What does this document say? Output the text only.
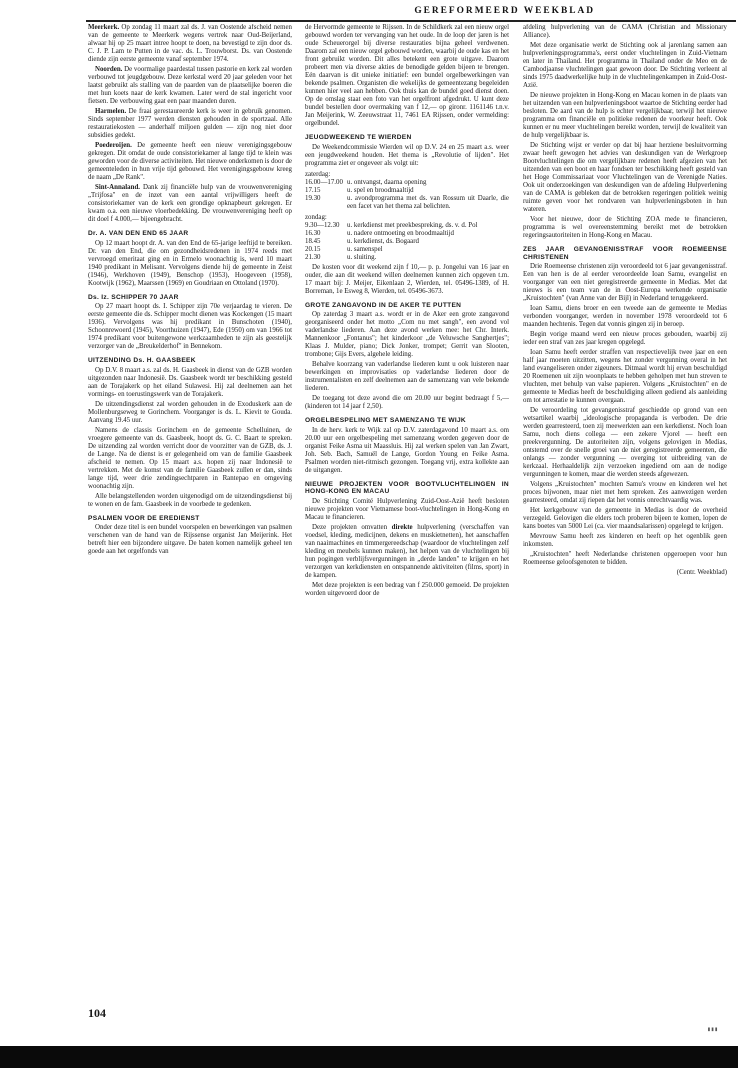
GEREFORMEERD WEEKBLAD

Meerkerk. Op zondag 11 maart zal ds. J. van Oostende afscheid nemen van de gemeente te Meerkerk wegens vertrek naar Oud-Beijerland, alwaar hij op 25 maart intree hoopt te doen, na bevestigd te zijn door ds. C. J. P. Lam te Putten in de vac. ds. L. Trouwborst. Ds. van Oostende diende zijn eerste gemeente vanaf september 1974.

Noorden. De voormalige paardestal tussen pastorie en kerk zal worden verbouwd tot jeugdgebouw. Deze kerkstal werd 20 jaar geleden voor het laatst gebruikt als stalling van de paarden van de plaatselijke boeren die met hun koets naar de kerk kwamen. Later werd de stal ingericht voor fietsen. De verbouwing gaat een paar maanden duren.

Harmelen. De fraai gerestaureerde kerk is weer in gebruik genomen. Sinds september 1977 werden diensten gehouden in de sportzaal. Alle restauratiekosten — anderhalf miljoen gulden — zijn nog niet door subsidies gedekt.

Poederoijen. De gemeente heeft een nieuw verenigingsgebouw gekregen. Dit omdat de oude consistoriekamer al lange tijd te klein was geworden voor de diverse activiteiten. Het nieuwe onderkomen is door de gemeenteleden in hun vrije tijd gebouwd. Het verenigingsgebouw kreeg de naam „De Rank".

Sint-Annaland. Dank zij financiële hulp van de vrouwenvereniging „Trijfosa" en de inzet van een aantal vrijwilligers heeft de consistoriekamer van de kerk een grondige opknapbeurt gekregen. Er kwam o.a. een nieuwe vloerbedekking. De vrouwenvereniging heeft op dit doel f 4.000,— bijeengebracht.

Dr. A. VAN DEN END 65 JAAR

Op 12 maart hoopt dr. A. van den End de 65-jarige leeftijd te bereiken. Dr. van den End, die om gezondheidsredenen in 1974 reeds met vervroegd emeritaat ging en in Ermelo woonachtig is, werd 10 maart 1940 predikant in Melisant. Vervolgens diende hij de gemeente in Zeist (1946), Werkhoven (1949), Benschop (1953), Hoogeveen (1958), Kootwijk (1962), Maarssen (1969) en Goudriaan en Ottoland (1970).

Ds. Iz. SCHIPPER 70 JAAR

Op 27 maart hoopt ds. I. Schipper zijn 70e verjaardag te vieren. De eerste gemeente die ds. Schipper mocht dienen was Kockengen (15 maart 1936). Vervolgens was hij predikant in Bunschoten (1940), Schoonrewoerd (1945), Voorthuizen (1947), Ede (1950) om van 1966 tot 1974 predikant voor buitengewone werkzaamheden te zijn als geestelijk verzorger van de „Breukelderhof" in Bennekom.

UITZENDING Ds. H. GAASBEEK

Op D.V. 8 maart a.s. zal ds. H. Gaasbeek in dienst van de GZB worden uitgezonden naar Indonesië. Ds. Gaasbeek wordt ter beschikking gesteld aan de Torajakerk op het eiland Sulawesi. Hij zal deelnemen aan het vormings- en toerustingswerk van de Torajakerk.

De uitzendingsdienst zal worden gehouden in de Exoduskerk aan de Mollenburgseweg te Gorinchem. Voorganger is ds. L. Kievit te Gouda. Aanvang 19.45 uur.

Namens de classis Gorinchem en de gemeente Schelluinen, de vroegere gemeente van ds. Gaasbeek, hoopt ds. G. C. Baart te spreken. De uitzending zal worden verricht door de voorzitter van de GZB, ds. J. de Lange. Na de dienst is er gelegenheid om van de familie Gaasbeek afscheid te nemen. Op 15 maart a.s. hopen zij naar Indonesië te vertrekken. Met de komst van de familie Gaasbeek zullen er dan, sinds lange tijd, weer drie zendingsechtparen in Rantepao en omgeving woonachtig zijn.

Alle belangstellenden worden uitgenodigd om de uitzendingsdienst bij te wonen en de fam. Gaasbeek in de voorbede te gedenken.

PSALMEN VOOR DE EREDIENST

Onder deze titel is een bundel voorspelen en bewerkingen van psalmen verschenen van de hand van de Rijssense organist Jan Meijerink. Het betreft hier een bijzondere uitgave. De baten komen namelijk geheel ten goede aan het orgelfonds van

de Hervormde gemeente te Rijssen. In de Schildkerk zal een nieuw orgel gebouwd worden ter vervanging van het oude. In de loop der jaren is het oude Scheuerorgel bij diverse restauraties bijna geheel verdwenen. Daarom zal een nieuw orgel gebouwd worden, waarbij de oude kas en het front gebruikt worden. Dit alles betekent een grote uitgave. Daarom probeert men via diverse akties de benodigde gelden bijeen te brengen. Eén daarvan is dit unieke initiatief: een bundel orgelbewerkingen van bekende psalmen. Organisten die wekelijks de gemeentezang begeleiden kunnen hier veel aan hebben. Ook thuis kan de bundel goed dienst doen. Op de omslag staat een foto van het orgelfront afgedrukt. U kunt deze bundel bestellen door overmaking van f 12,— op gironr. 1161146 t.n.v. Jan Meijerink, W. Zeeuwstraat 11, 7461 EA Rijssen, onder vermelding: orgelbundel.

JEUGDWEEKEND TE WIERDEN

De Weekendcommissie Wierden wil op D.V. 24 en 25 maart a.s. weer een jeugdweekend houden. Het thema is „Revolutie of lijden". Het programma ziet er ongeveer als volgt uit:

zaterdag:
16.00—17.00 u. ontvangst, daarna opening
17.15	u. spel en broodmaaltijd
19.30	u. avondprogramma met ds. van Rossum uit Daarle, die een facet van het thema zal belichten.
zondag:
9.30—12.30	u. kerkdienst met preekbespreking, ds. v. d. Pol
16.30	u. nadere ontmoeting en broodmaaltijd
18.45	u. kerkdienst, ds. Bogaard
20.15	u. samenspel
21.30	u. sluiting.

De kosten voor dit weekend zijn f 10,— p. p. Jongelui van 16 jaar en ouder, die aan dit weekend willen deelnemen kunnen zich opgeven t.m. 17 maart bij: J. Meijer, Eikenlaan 2, Wierden, tel. 05496-1389, of H. Borreman, 1e Esweg 8, Wierden, tel. 05496-3673.

GROTE ZANGAVOND IN DE AKER TE PUTTEN

Op zaterdag 3 maart a.s. wordt er in de Aker een grote zangavond georganiseerd onder het motto „Com nu met sangh", een avond vol vaderlandse liederen. Aan deze avond werken mee: het Chr. Interk. Mannenkoor „Fontanus"; het kinderkoor „de Veluwsche Sanghertjes"; Klaas J. Mulder, piano; Dick Jonker, trompet; Gerrit van Slooten, trombone; Gijs Evers, algehele leiding.

Behalve koorzang van vaderlandse liederen kunt u ook luisteren naar bewerkingen en improvisaties op vaderlandse liederen door de instrumentalisten en zelf deelnemen aan de samenzang van vele bekende liederen.

De toegang tot deze avond die om 20.00 uur begint bedraagt f 5,— (kinderen tot 14 jaar f 2,50).

ORGELBESPELING MET SAMENZANG TE WIJK

In de herv. kerk te Wijk zal op D.V. zaterdagavond 10 maart a.s. om 20.00 uur een orgelbespeling met samenzang worden gegeven door de organist Feike Asma uit Maassluis. Hij zal werken spelen van Jan Zwart, Joh. Seb. Bach, Samuël de Lange, Gordon Young en Feike Asma. Psalmen worden niet-ritmisch gezongen. Toegang vrij, extra kollekte aan de uitgangen.

NIEUWE PROJEKTEN VOOR BOOTVLUCHTELINGEN IN HONG-KONG EN MACAU

De Stichting Comité Hulpverlening Zuid-Oost-Azië heeft besloten nieuwe projekten voor Vietnamese boot-vluchtelingen in Hong-Kong en Macau te financieren.

Deze projekten omvatten direkte hulpverlening (verschaffen van voedsel, kleding, medicijnen, dekens en muskietnetten), het aanschaffen van naaimachines en timmergereedschap (waardoor de vluchtelingen zelf kleding en meubels kunnen maken), het helpen van de vluchtelingen bij hun pogingen verblijfsvergunningen in „derde landen" te krijgen en het verzorgen van kerkdiensten en ontspannende aktiviteiten (films, sport) in de kampen.

Met deze projekten is een bedrag van f 250.000 gemoeid. De projekten worden uitgevoerd door de

afdeling hulpverlening van de CAMA (Christian and Missionary Alliance).

Met deze organisatie werkt de Stichting ook al jarenlang samen aan hulpverleningsprogramma's, eerst onder vluchtelingen in Zuid-Vietnam en later in Thailand. Het programma in Thailand onder de Meo en de Cambodjaanse vluchtelingen gaat gewoon door. De Stichting verleent al sinds 1975 daadwerkelijke hulp in de vluchtelingenkampen in Zuid-Oost-Azië.

De nieuwe projekten in Hong-Kong en Macau komen in de plaats van het uitzenden van een hulpverleningsboot waartoe de Stichting eerder had besloten. De aard van de hulp is echter vergelijkbaar, terwijl het nieuwe programma om financiële en politieke redenen de voorkeur heeft. Ook kunnen er nu meer vluchtelingen bereikt worden, terwijl de kwaliteit van de hulp vergelijkbaar is.

De Stichting wijst er verder op dat bij haar herziene besluitvorming zwaar heeft gewogen het advies van deskundigen van de Werkgroep Bootvluchtelingen die om vergelijkbare redenen heeft afgezien van het uitzenden van een boot en haar fondsen ter beschikking heeft gesteld van het Hoge Commissariaat voor Vluchtelingen van de Verenigde Naties. Ook uit onderzoekingen van deskundigen van de afdeling Hulpverlening van de CAMA is gebleken dat de betrokken regeringen politiek weinig ruimte geven voor het rondvaren van hulpverleningsboten in hun wateren.

Voor het nieuwe, door de Stichting ZOA mede te financieren, programma is wel overeenstemming bereikt met de betrokken regeringsautoriteiten in Hong-Kong en Macau.

ZES JAAR GEVANGENISSTRAF VOOR ROEMEENSE CHRISTENEN

Drie Roemeense christenen zijn veroordeeld tot 6 jaar gevangenisstraf. Een van hen is de al eerder veroordeelde Ioan Samu, evangelist en voorganger van een niet geregistreerde gemeente in Medias. Met dat nieuws is een team van de in Oost-Europa werkende organisatie „Kruistochten" (van Anne van der Bijl) in Nederland teruggekeerd.

Ioan Samu, diens broer en een tweede aan de gemeente te Medias verbonden voorganger, werden in november 1978 veroordeeld tot 6 maanden hechtenis. Tegen dat vonnis gingen zij in beroep.

Begin vorige maand werd een nieuw proces gebouden, waarbij zij ieder een straf van zes jaar kregen opgelegd.

Ioan Samu heeft eerder straffen van respectievelijk twee jaar en een half jaar moeten uitzitten, wegens het zonder vergunning overal in het land evangeliseren onder zigeuners. Ditmaal wordt hij ervan beschuldigd 20 Roemenen uit zijn woonplaats te hebben geholpen met hun streven te vluchten, met behulp van valse papieren. Volgens „Kruistochten" en de gemeente te Medias heeft de beschuldiging alleen gediend als aanleiding om tot arrestatie te kunnen overgaan.

De veroordeling tot gevangenisstraf geschiedde op grond van een wetsartikel waarbij „ideologische propaganda is verboden. De drie werden gearresteerd, toen zij meewerkten aan een kerkdienst. Noch Ioan Samu, noch diens collega — een zekere Vjorel — heeft een preekvergunning. De autoriteiten zijn, volgens gelovigen in Medias, ontstemd over de snelle groei van de niet geregistreerde gemeenten, die onlangs — zonder vergunning — overging tot uitbreiding van de kerkzaal. Herhaaldelijk zijn verzoeken ingediend om aan de nodige vergunningen te komen, maar die werden steeds afgewezen.

Volgens „Kruistochten" mochten Samu's vrouw en kinderen wel het proces bijwonen, maar niet met hem spreken. Zes aanwezigen werden gearresteerd, omdat zij riepen dat het vonnis onrechtvaardig was.

Het kerkgebouw van de gemeente in Medias is door de overheid verzegeld. Gelovigen die elders toch proberen bijeen te komen, lopen de kans boetes van 5000 Lei (ca. vier maandsalarissen) opgelegd te krijgen.

Mevrouw Samu heeft zes kinderen en heeft op het ogenblik geen inkomsten.

„Kruistochten" heeft Nederlandse christenen opgeroepen voor hun Roemeense geloofsgenoten te bidden.

(Centr. Weekblad)
104
▮▮▮
